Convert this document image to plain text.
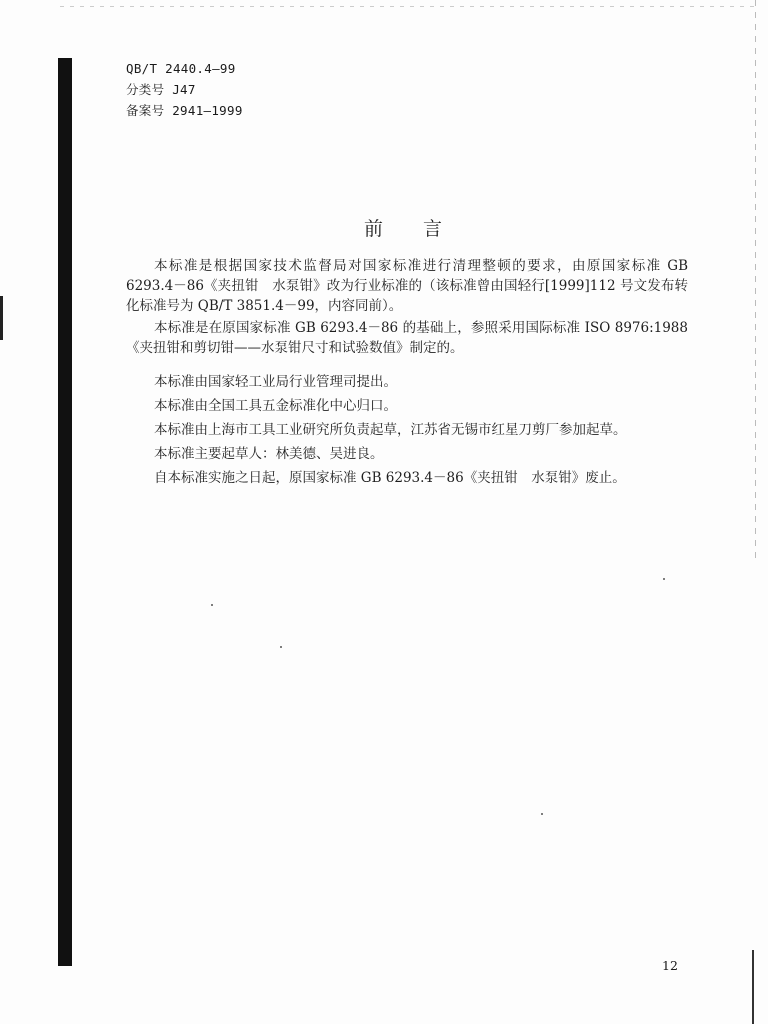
QB/T 2440.4—99
分类号 J47
备案号 2941—1999
前言

本标准是根据国家技术监督局对国家标准进行清理整顿的要求，由原国家标准 GB 6293.4－86《夹扭钳　水泵钳》改为行业标准的（该标准曾由国轻行[1999]112 号文发布转化标准号为 QB/T 3851.4－99，内容同前）。

本标准是在原国家标准 GB 6293.4－86 的基础上，参照采用国际标准 ISO 8976:1988《夹扭钳和剪切钳——水泵钳尺寸和试验数值》制定的。

本标准由国家轻工业局行业管理司提出。

本标准由全国工具五金标准化中心归口。

本标准由上海市工具工业研究所负责起草，江苏省无锡市红星刀剪厂参加起草。

本标准主要起草人：林美德、吴进良。

自本标准实施之日起，原国家标准 GB 6293.4－86《夹扭钳　水泵钳》废止。

12
